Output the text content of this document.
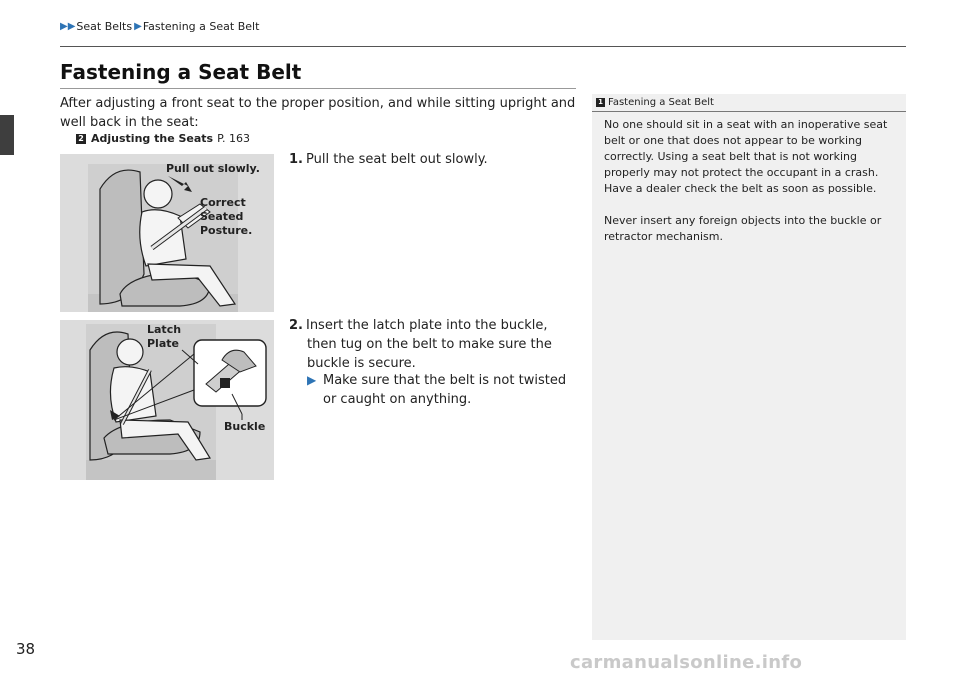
▶▶ Seat Belts ▶ Fastening a Seat Belt
Fastening a Seat Belt
After adjusting a front seat to the proper position, and while sitting upright and well back in the seat:
2 Adjusting the Seats P. 163
Pull out slowly.
Correct
Seated
Posture.
Latch
Plate
Buckle
1. Pull the seat belt out slowly.
2. Insert the latch plate into the buckle, then tug on the belt to make sure the buckle is secure.
▶ Make sure that the belt is not twisted or caught on anything.
1 Fastening a Seat Belt

No one should sit in a seat with an inoperative seat belt or one that does not appear to be working correctly. Using a seat belt that is not working properly may not protect the occupant in a crash. Have a dealer check the belt as soon as possible.

Never insert any foreign objects into the buckle or retractor mechanism.

38
carmanualsonline.info
